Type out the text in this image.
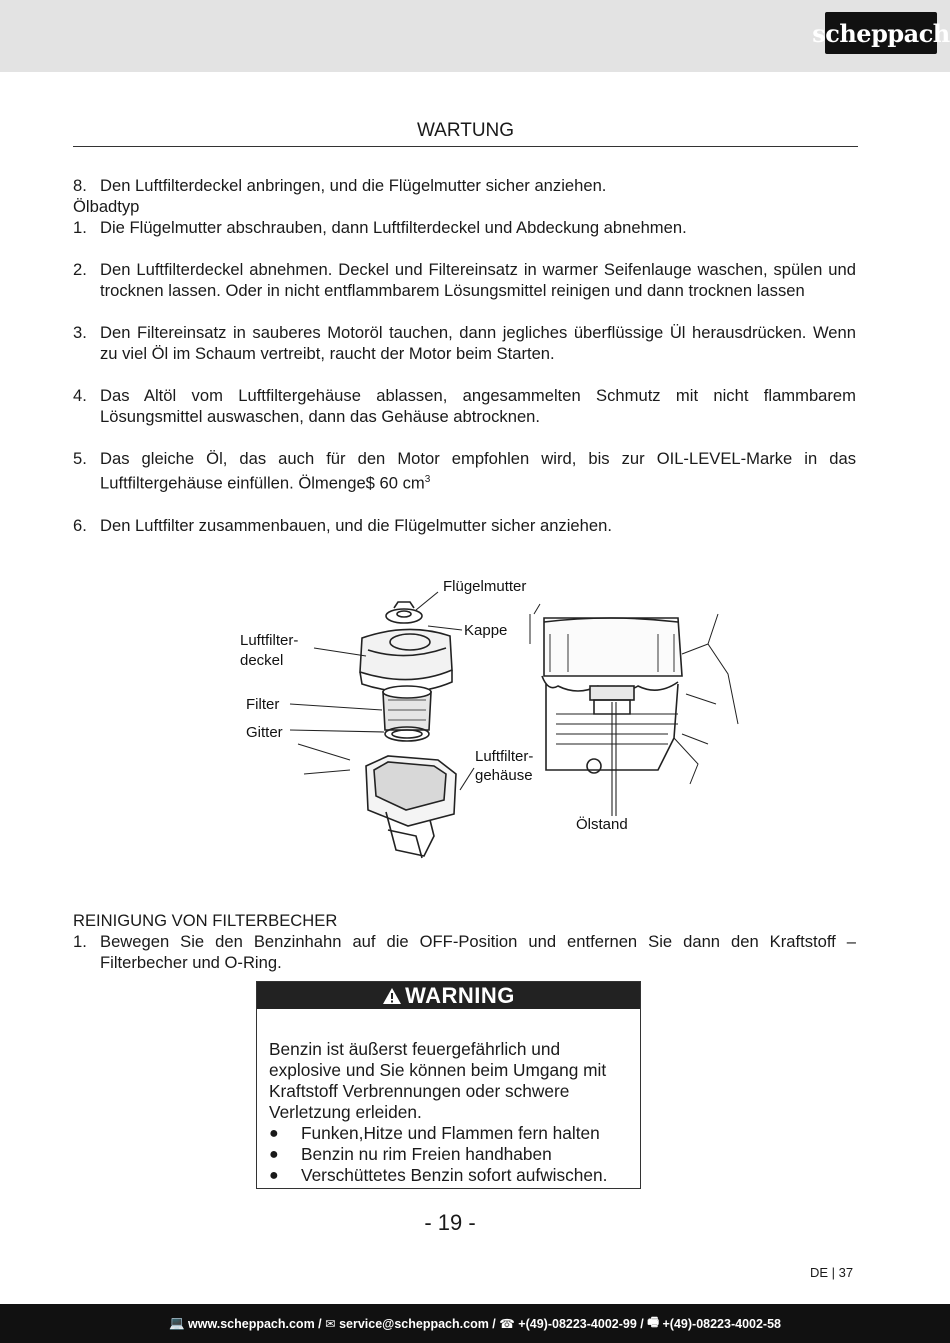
scheppach
WARTUNG
8. Den Luftfilterdeckel anbringen, und die Flügelmutter sicher anziehen.
Ölbadtyp
1. Die Flügelmutter abschrauben, dann Luftfilterdeckel und Abdeckung abnehmen.
2. Den Luftfilterdeckel abnehmen. Deckel und Filtereinsatz in warmer Seifenlauge waschen, spülen und trocknen lassen. Oder in nicht entflammbarem Lösungsmittel reinigen und dann trocknen lassen
3. Den Filtereinsatz in sauberes Motoröl tauchen, dann jegliches überflüssige Ül herausdrücken. Wenn zu viel Öl im Schaum vertreibt, raucht der Motor beim Starten.
4. Das Altöl vom Luftfiltergehäuse ablassen, angesammelten Schmutz mit nicht flammbarem Lösungsmittel auswaschen, dann das Gehäuse abtrocknen.
5. Das gleiche Öl, das auch für den Motor empfohlen wird, bis zur OIL-LEVEL-Marke in das Luftfiltergehäuse einfüllen. Ölmenge$ 60 $cm^3$
6. Den Luftfilter zusammenbauen, und die Flügelmutter sicher anziehen.
Flügelmutter
Kappe
Luftfilter-
deckel
Filter
Gitter
Luftfilter-
gehäuse
Ölstand
REINIGUNG VON FILTERBECHER
1. Bewegen Sie den Benzinhahn auf die OFF-Position und entfernen Sie dann den Kraftstoff –Filterbecher und O-Ring.
WARNING
Benzin ist äußerst feuergefährlich und explosive und Sie können beim Umgang mit Kraftstoff Verbrennungen oder schwere Verletzung erleiden.
●	Funken,Hitze und Flammen fern halten
●	Benzin nu rim Freien handhaben
●	Verschüttetes Benzin sofort aufwischen.
- 19 -
DE | 37
💻 www.scheppach.com / ✉ service@scheppach.com / ☎ +(49)-08223-4002-99 / 🖷 +(49)-08223-4002-58
